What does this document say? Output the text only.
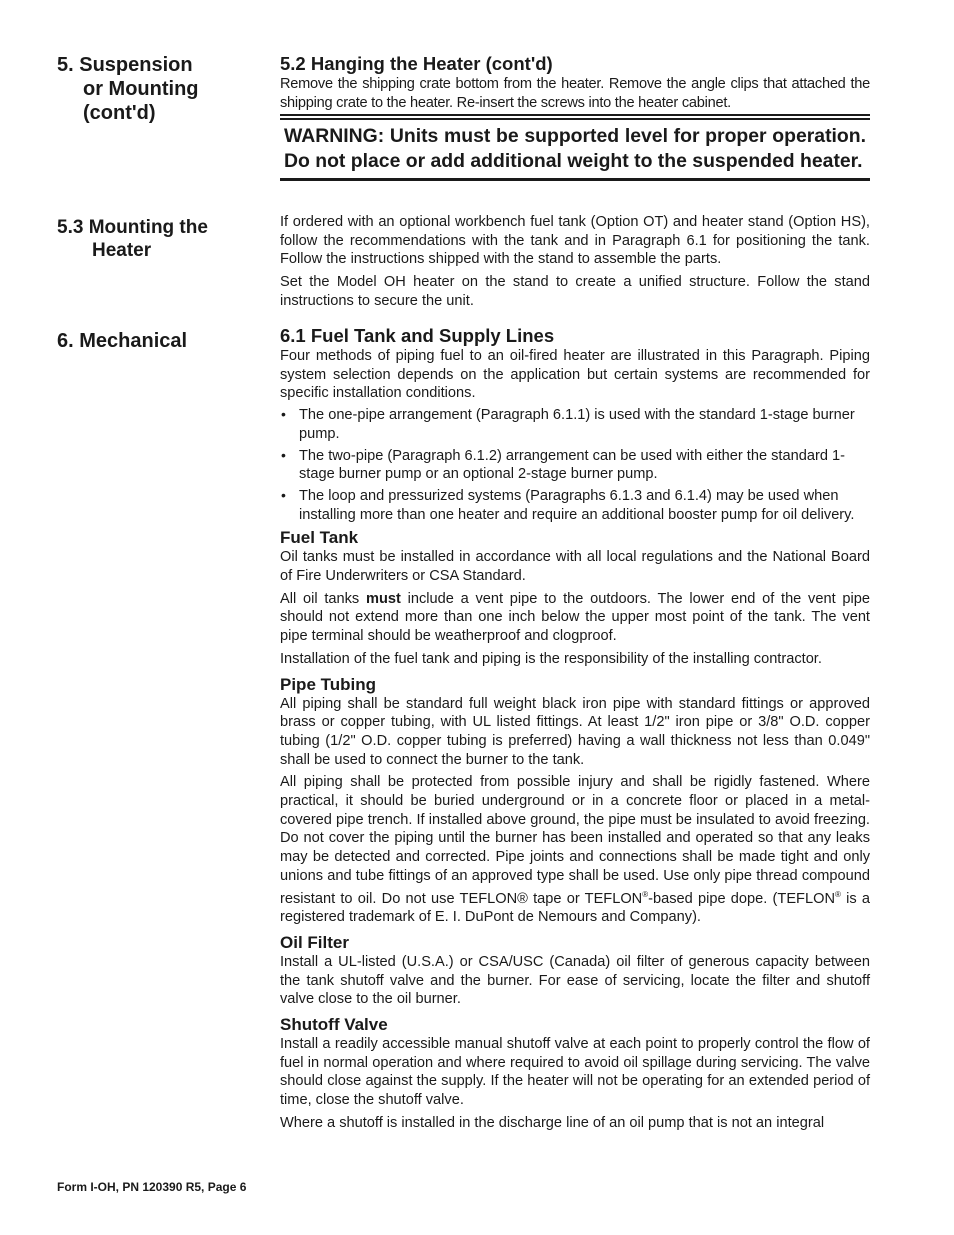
5. Suspension
or Mounting
(cont'd)
5.3 Mounting the
Heater
6. Mechanical
5.2 Hanging the Heater (cont'd)

Remove the shipping crate bottom from the heater. Remove the angle clips that attached the shipping crate to the heater. Re-insert the screws into the heater cabinet.

WARNING: Units must be supported level for proper operation. Do not place or add additional weight to the suspended heater.

If ordered with an optional workbench fuel tank (Option OT) and heater stand (Option HS), follow the recommendations with the tank and in Paragraph 6.1 for positioning the tank. Follow the instructions shipped with the stand to assemble the parts.

Set the Model OH heater on the stand to create a unified structure. Follow the stand instructions to secure the unit.

6.1 Fuel Tank and Supply Lines

Four methods of piping fuel to an oil-fired heater are illustrated in this Paragraph. Piping system selection depends on the application but certain systems are recommended for specific installation conditions.

• The one-pipe arrangement (Paragraph 6.1.1) is used with the standard 1-stage burner pump.
• The two-pipe (Paragraph 6.1.2) arrangement can be used with either the standard 1-stage burner pump or an optional 2-stage burner pump.
• The loop and pressurized systems (Paragraphs 6.1.3 and 6.1.4) may be used when installing more than one heater and require an additional booster pump for oil delivery.
Fuel Tank

Oil tanks must be installed in accordance with all local regulations and the National Board of Fire Underwriters or CSA Standard.

All oil tanks must include a vent pipe to the outdoors. The lower end of the vent pipe should not extend more than one inch below the upper most point of the tank. The vent pipe terminal should be weatherproof and clogproof.

Installation of the fuel tank and piping is the responsibility of the installing contractor.

Pipe Tubing

All piping shall be standard full weight black iron pipe with standard fittings or approved brass or copper tubing, with UL listed fittings. At least 1/2" iron pipe or 3/8" O.D. copper tubing (1/2" O.D. copper tubing is preferred) having a wall thickness not less than 0.049" shall be used to connect the burner to the tank.

All piping shall be protected from possible injury and shall be rigidly fastened. Where practical, it should be buried underground or in a concrete floor or placed in a metal-covered pipe trench. If installed above ground, the pipe must be insulated to avoid freezing. Do not cover the piping until the burner has been installed and operated so that any leaks may be detected and corrected. Pipe joints and connections shall be made tight and only unions and tube fittings of an approved type shall be used. Use only pipe thread compound resistant to oil. Do not use TEFLON® tape or TEFLON®-based pipe dope. (TEFLON® is a registered trademark of E. I. DuPont de Nemours and Company).

Oil Filter

Install a UL-listed (U.S.A.) or CSA/USC (Canada) oil filter of generous capacity between the tank shutoff valve and the burner. For ease of servicing, locate the filter and shutoff valve close to the oil burner.

Shutoff Valve

Install a readily accessible manual shutoff valve at each point to properly control the flow of fuel in normal operation and where required to avoid oil spillage during servicing. The valve should close against the supply. If the heater will not be operating for an extended period of time, close the shutoff valve.

Where a shutoff is installed in the discharge line of an oil pump that is not an integral

Form I-OH, PN 120390 R5, Page 6
